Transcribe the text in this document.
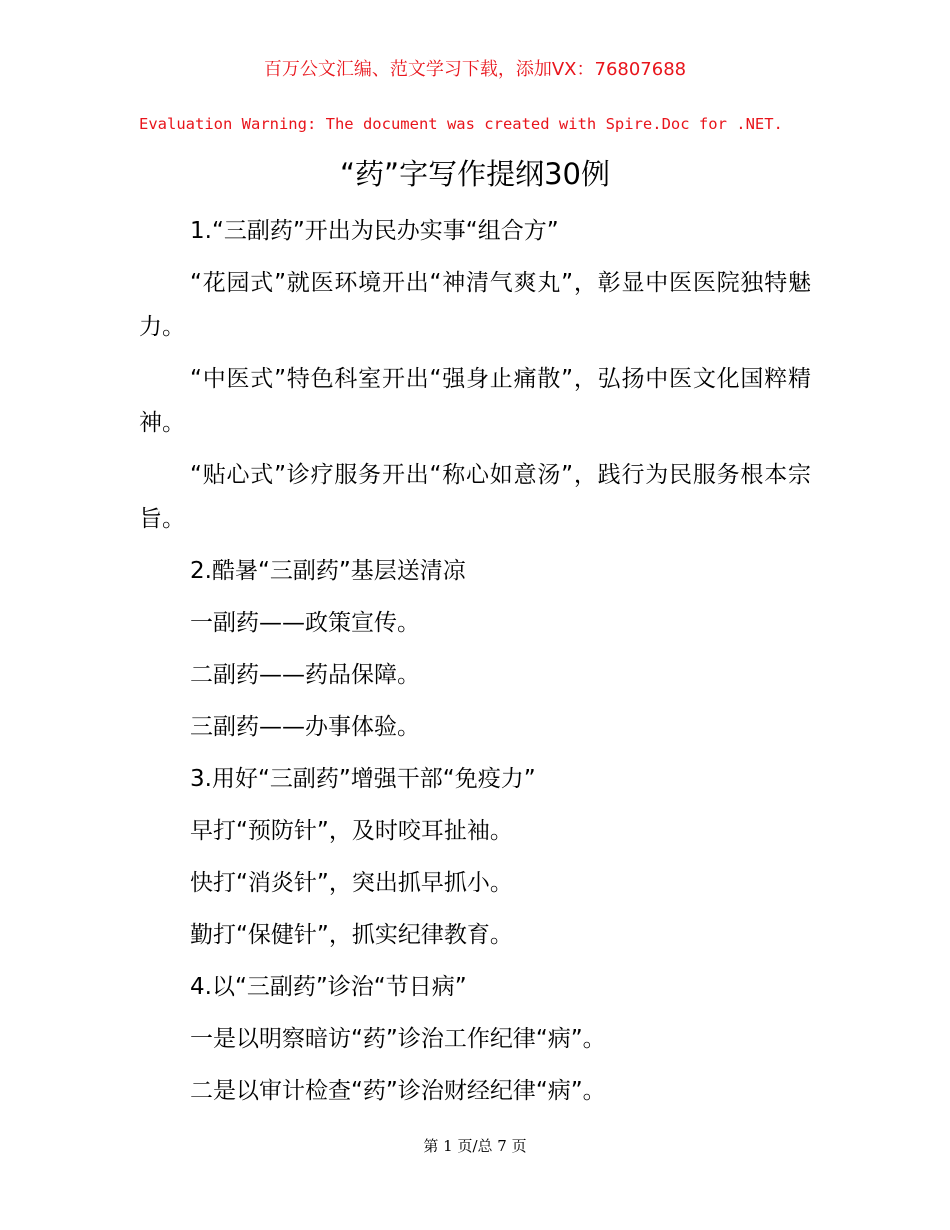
百万公文汇编、范文学习下载，添加VX：76807688
Evaluation Warning: The document was created with Spire.Doc for .NET.
“药”字写作提纲30例

1.“三副药”开出为民办实事“组合方”

“花园式”就医环境开出“神清气爽丸”，彰显中医医院独特魅力。

“中医式”特色科室开出“强身止痛散”，弘扬中医文化国粹精神。

“贴心式”诊疗服务开出“称心如意汤”，践行为民服务根本宗旨。

2.酷暑“三副药”基层送清凉

一副药——政策宣传。

二副药——药品保障。

三副药——办事体验。

3.用好“三副药”增强干部“免疫力”

早打“预防针”，及时咬耳扯袖。

快打“消炎针”，突出抓早抓小。

勤打“保健针”，抓实纪律教育。

4.以“三副药”诊治“节日病”

一是以明察暗访“药”诊治工作纪律“病”。

二是以审计检查“药”诊治财经纪律“病”。

第 1 页/总 7 页
